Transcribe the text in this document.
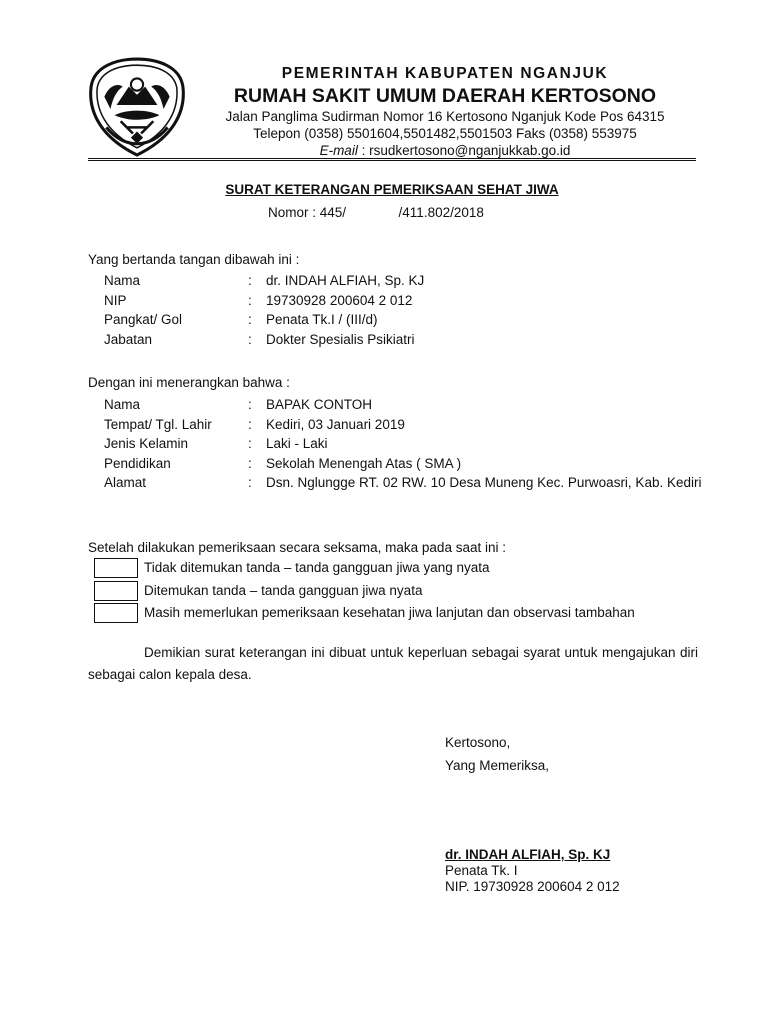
PEMERINTAH KABUPATEN NGANJUK
RUMAH SAKIT UMUM DAERAH KERTOSONO
Jalan Panglima Sudirman Nomor 16 Kertosono Nganjuk Kode Pos 64315
Telepon (0358) 5501604,5501482,5501503 Faks (0358) 553975
E-mail : rsudkertosono@nganjukkab.go.id
SURAT KETERANGAN PEMERIKSAAN SEHAT JIWA
Nomor : 445/              /411.802/2018
Yang bertanda tangan dibawah ini :
Nama	:	dr. INDAH ALFIAH, Sp. KJ
NIP	:	19730928 200604 2 012
Pangkat/ Gol	:	Penata Tk.I / (III/d)
Jabatan	:	Dokter Spesialis Psikiatri
Dengan ini menerangkan bahwa :
Nama	:	BAPAK CONTOH
Tempat/ Tgl. Lahir	:	Kediri, 03 Januari 2019
Jenis Kelamin	:	Laki - Laki
Pendidikan	:	Sekolah Menengah Atas ( SMA )
Alamat	:	Dsn. Nglungge RT. 02 RW. 10 Desa Muneng Kec. Purwoasri, Kab. Kediri
Setelah dilakukan pemeriksaan secara seksama, maka pada saat ini :
Tidak ditemukan tanda – tanda gangguan jiwa yang nyata
Ditemukan tanda – tanda gangguan jiwa nyata
Masih memerlukan pemeriksaan kesehatan jiwa lanjutan dan observasi tambahan
Demikian surat keterangan ini dibuat untuk keperluan sebagai syarat untuk mengajukan diri sebagai calon kepala desa.
Kertosono,
Yang Memeriksa,
dr. INDAH ALFIAH, Sp. KJ
Penata Tk. I
NIP. 19730928 200604 2 012
